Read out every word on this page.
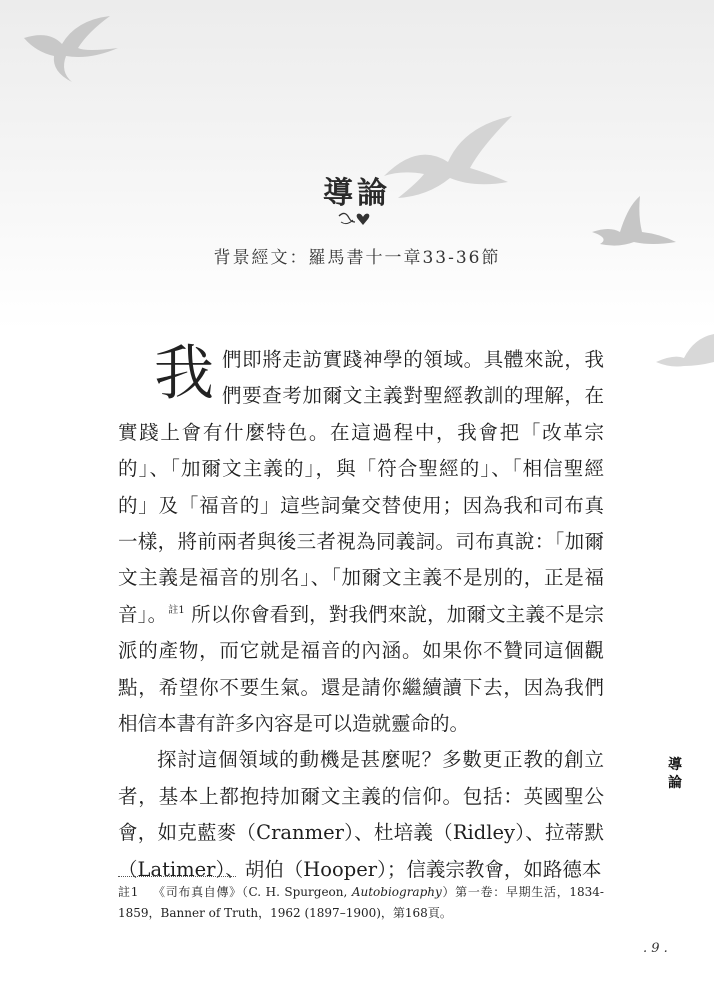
導論
背景經文：羅馬書十一章33-36節

我們即將走訪實踐神學的領域。具體來說，我們要查考加爾文主義對聖經教訓的理解，在實踐上會有什麼特色。在這過程中，我會把「改革宗的」、「加爾文主義的」，與「符合聖經的」、「相信聖經的」及「福音的」這些詞彙交替使用；因為我和司布真一樣，將前兩者與後三者視為同義詞。司布真說：「加爾文主義是福音的別名」、「加爾文主義不是別的，正是福音」。$^{註1}$ 所以你會看到，對我們來說，加爾文主義不是宗派的產物，而它就是福音的內涵。如果你不贊同這個觀點，希望你不要生氣。還是請你繼續讀下去，因為我們相信本書有許多內容是可以造就靈命的。

探討這個領域的動機是甚麼呢？多數更正教的創立者，基本上都抱持加爾文主義的信仰。包括：英國聖公會，如克藍麥（Cranmer）、杜培義（Ridley）、拉蒂默（Latimer）、胡伯（Hooper）；信義宗教會，如路德本

導論
註1 《司布真自傳》（C. H. Spurgeon, Autobiography）第一卷：早期生活，1834-1859，Banner of Truth，1962 (1897–1900)，第168頁。
. 9 .
